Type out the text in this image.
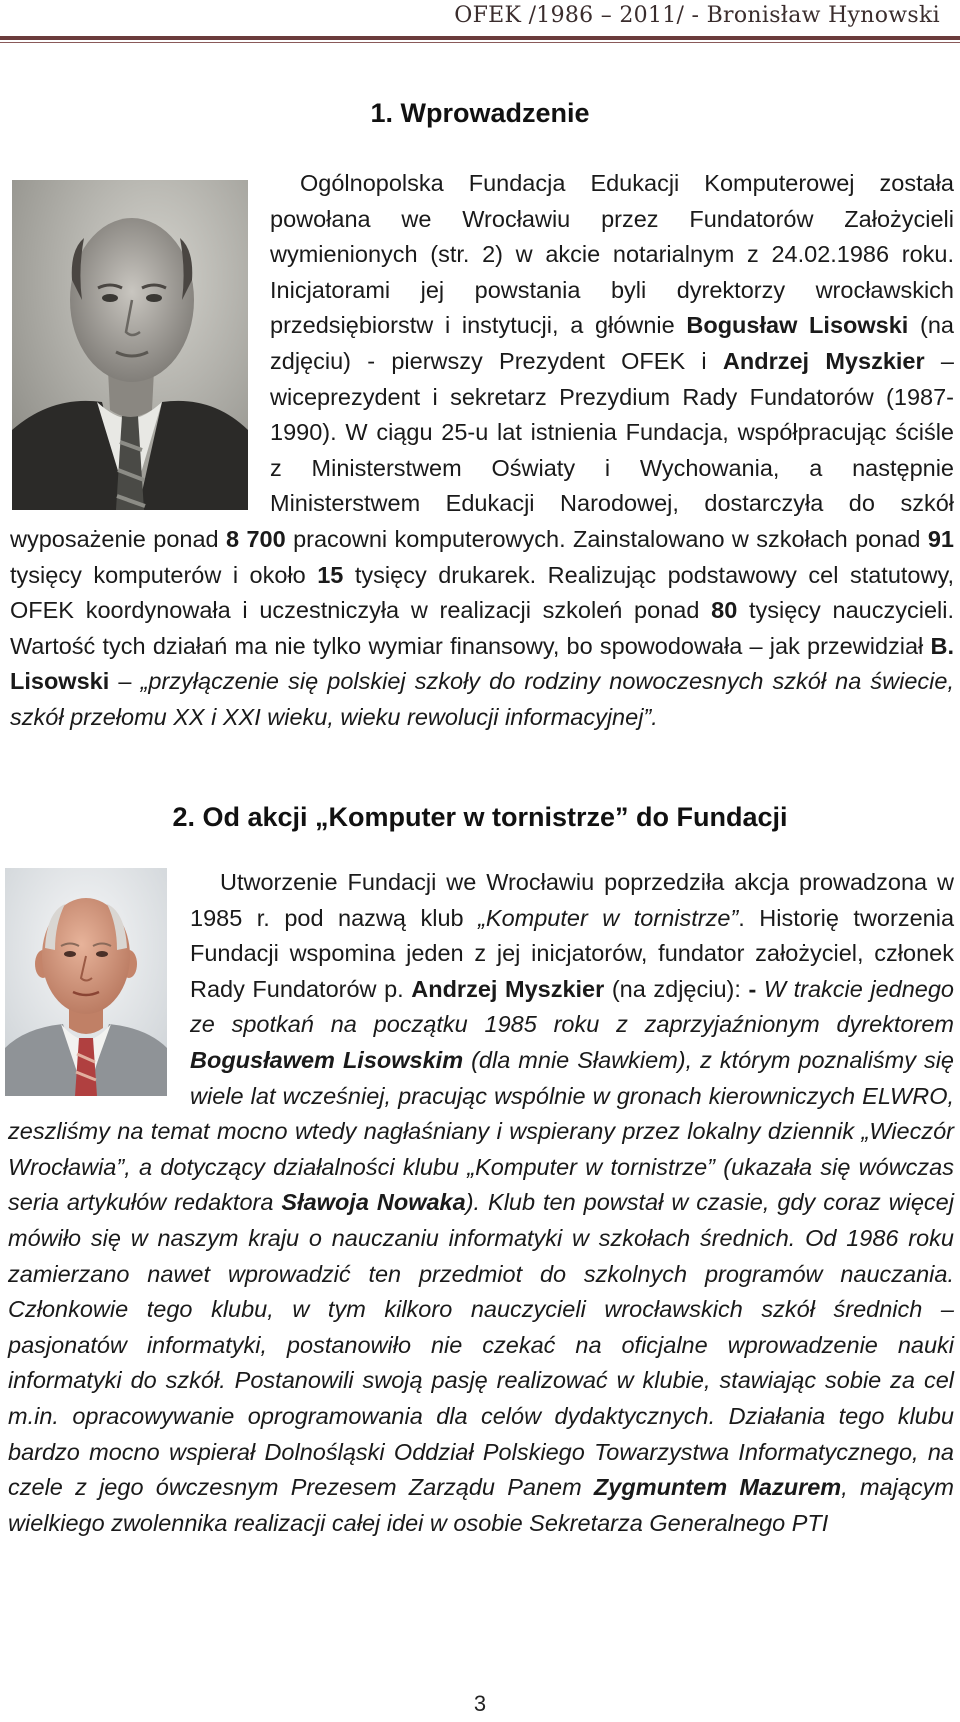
OFEK /1986 – 2011/ - Bronisław Hynowski
1. Wprowadzenie

Ogólnopolska Fundacja Edukacji Komputerowej została powołana we Wrocławiu przez Fundatorów Założycieli wymienionych (str. 2) w akcie notarialnym z 24.02.1986 roku. Inicjatorami jej powstania byli dyrektorzy wrocławskich przedsiębiorstw i instytucji, a głównie Bogusław Lisowski (na zdjęciu) - pierwszy Prezydent OFEK i Andrzej Myszkier – wiceprezydent i sekretarz Prezydium Rady Fundatorów (1987-1990). W ciągu 25-u lat istnienia Fundacja, współpracując ściśle z Ministerstwem Oświaty i Wychowania, a następnie Ministerstwem Edukacji Narodowej, dostarczyła do szkół wyposażenie ponad 8 700 pracowni komputerowych. Zainstalowano w szkołach ponad 91 tysięcy komputerów i około 15 tysięcy drukarek. Realizując podstawowy cel statutowy, OFEK koordynowała i uczestniczyła w realizacji szkoleń ponad 80 tysięcy nauczycieli. Wartość tych działań ma nie tylko wymiar finansowy, bo spowodowała – jak przewidział B. Lisowski – „przyłączenie się polskiej szkoły do rodziny nowoczesnych szkół na świecie, szkół przełomu XX i XXI wieku, wieku rewolucji informacyjnej”.

2. Od akcji „Komputer w tornistrze” do Fundacji

Utworzenie Fundacji we Wrocławiu poprzedziła akcja prowadzona w 1985 r. pod nazwą klub „Komputer w tornistrze”. Historię tworzenia Fundacji wspomina jeden z jej inicjatorów, fundator założyciel, członek Rady Fundatorów p. Andrzej Myszkier (na zdjęciu): - W trakcie jednego ze spotkań na początku 1985 roku z zaprzyjaźnionym dyrektorem Bogusławem Lisowskim (dla mnie Sławkiem), z którym poznaliśmy się wiele lat wcześniej, pracując wspólnie w gronach kierowniczych ELWRO, zeszliśmy na temat mocno wtedy nagłaśniany i wspierany przez lokalny dziennik „Wieczór Wrocławia”, a dotyczący działalności klubu „Komputer w tornistrze” (ukazała się wówczas seria artykułów redaktora Sławoja Nowaka). Klub ten powstał w czasie, gdy coraz więcej mówiło się w naszym kraju o nauczaniu informatyki w szkołach średnich. Od 1986 roku zamierzano nawet wprowadzić ten przedmiot do szkolnych programów nauczania. Członkowie tego klubu, w tym kilkoro nauczycieli wrocławskich szkół średnich – pasjonatów informatyki, postanowiło nie czekać na oficjalne wprowadzenie nauki informatyki do szkół. Postanowili swoją pasję realizować w klubie, stawiając sobie za cel m.in. opracowywanie oprogramowania dla celów dydaktycznych. Działania tego klubu bardzo mocno wspierał Dolnośląski Oddział Polskiego Towarzystwa Informatycznego, na czele z jego ówczesnym Prezesem Zarządu Panem Zygmuntem Mazurem, mającym wielkiego zwolennika realizacji całej idei w osobie Sekretarza Generalnego PTI

3
